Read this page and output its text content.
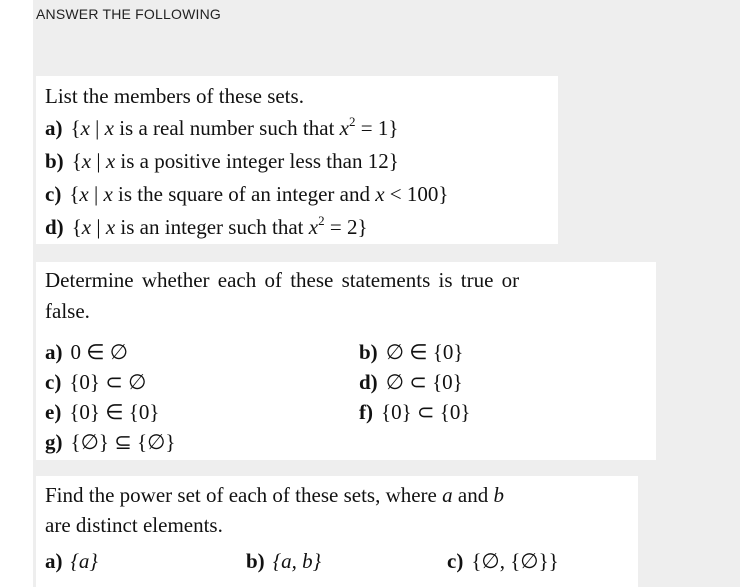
ANSWER THE FOLLOWING
List the members of these sets.
a) {x | x is a real number such that $x^2 = 1$}
b) {x | x is a positive integer less than 12}
c) {x | x is the square of an integer and x < 100}
d) {x | x is an integer such that $x^2 = 2$}
Determine whether each of these statements is true or
false.
a) 0 ∈ ∅	b) ∅ ∈ {0}
c) {0} ⊂ ∅	d) ∅ ⊂ {0}
e) {0} ∈ {0}	f) {0} ⊂ {0}
g) {∅} ⊆ {∅}
Find the power set of each of these sets, where a and b
are distinct elements.
a) {a}	b) {a, b}	c) {∅, {∅}}
